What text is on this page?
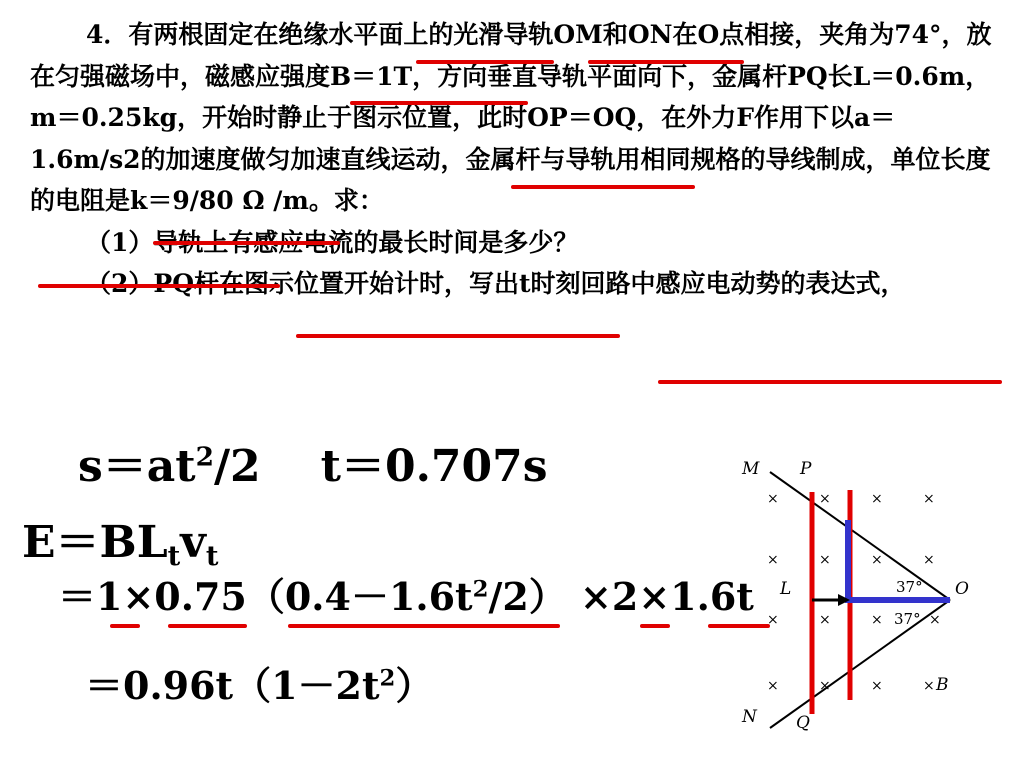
4．有两根固定在绝缘水平面上的光滑导轨OM和ON在O点相接，夹角为74°，放在匀强磁场中，磁感应强度B＝1T，方向垂直导轨平面向下，金属杆PQ长L＝0.6m，m＝0.25kg，开始时静止于图示位置，此时OP＝OQ，在外力F作用下以a＝1.6m/s2的加速度做匀加速直线运动，金属杆与导轨用相同规格的导线制成，单位长度的电阻是k＝9/80 Ω /m。求：

（1）导轨上有感应电流的最长时间是多少？

（2）PQ杆在图示位置开始计时，写出t时刻回路中感应电动势的表达式，

$s=at^2/2$ t＝0.707s
$E=BL_tv_t$
$=1\times 0.75(0.4-1.6t^2/2) \times 2\times 1.6t$
$=0.96t(1-2t^2)$
×	×	×	×
×	×	×	×
×	×	×	×
×	×	×	×
M P
N Q
L	O
B
37°
37°
